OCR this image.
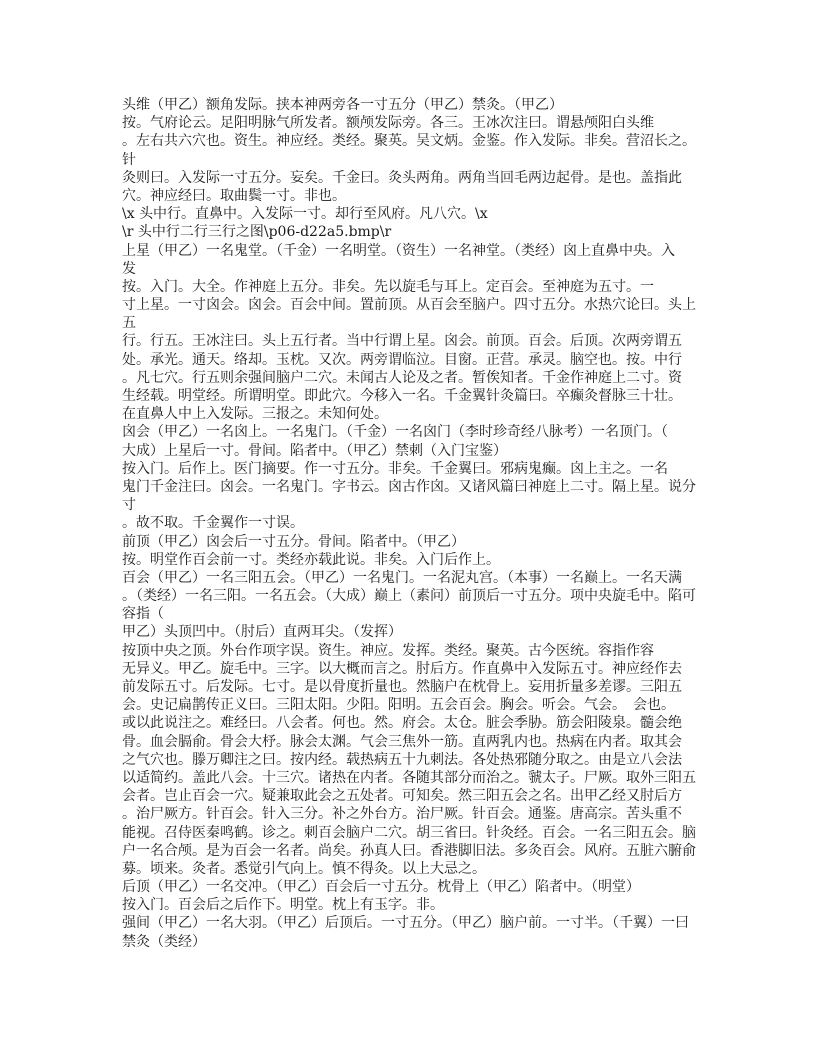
头维（甲乙）额角发际。挟本神两旁各一寸五分（甲乙）禁灸。（甲乙）
按。气府论云。足阳明脉气所发者。额颅发际旁。各三。王冰次注曰。谓悬颅阳白头维
。左右共六穴也。资生。神应经。类经。聚英。吴文炳。金鉴。作入发际。非矣。营沼长之。
针
灸则曰。入发际一寸五分。妄矣。千金曰。灸头两角。两角当回毛两边起骨。是也。盖指此
穴。神应经曰。取曲鬓一寸。非也。
\x 头中行。直鼻中。入发际一寸。却行至风府。凡八穴。\x
\r 头中行二行三行之图\p06-d22a5.bmp\r
上星（甲乙）一名鬼堂。（千金）一名明堂。（资生）一名神堂。（类经）囟上直鼻中央。入
发
按。入门。大全。作神庭上五分。非矣。先以旋毛与耳上。定百会。至神庭为五寸。一
寸上星。一寸囟会。囟会。百会中间。置前顶。从百会至脑户。四寸五分。水热穴论曰。头上
五
行。行五。王冰注曰。头上五行者。当中行谓上星。囟会。前顶。百会。后顶。次两旁谓五
处。承光。通天。络却。玉枕。又次。两旁谓临泣。目窗。正营。承灵。脑空也。按。中行
。凡七穴。行五则余强间脑户二穴。未闻古人论及之者。暂俟知者。千金作神庭上二寸。资
生经载。明堂经。所谓明堂。即此穴。今移入一名。千金翼针灸篇曰。卒癫灸督脉三十壮。
在直鼻人中上入发际。三报之。未知何处。
囟会（甲乙）一名囟上。一名鬼门。（千金）一名囟门（李时珍奇经八脉考）一名顶门。（
大成）上星后一寸。骨间。陷者中。（甲乙）禁刺（入门宝鉴）
按入门。后作上。医门摘要。作一寸五分。非矣。千金翼曰。邪病鬼癫。囟上主之。一名
鬼门千金注曰。囟会。一名鬼门。字书云。囟古作囟。又诸风篇曰神庭上二寸。隔上星。说分
寸
。故不取。千金翼作一寸误。
前顶（甲乙）囟会后一寸五分。骨间。陷者中。（甲乙）
按。明堂作百会前一寸。类经亦载此说。非矣。入门后作上。
百会（甲乙）一名三阳五会。（甲乙）一名鬼门。一名泥丸宫。（本事）一名巅上。一名天满
。（类经）一名三阳。一名五会。（大成）巅上（素问）前顶后一寸五分。项中央旋毛中。陷可
容指（
甲乙）头顶凹中。（肘后）直两耳尖。（发挥）
按顶中央之顶。外台作项字误。资生。神应。发挥。类经。聚英。古今医统。容指作容
无异义。甲乙。旋毛中。三字。以大概而言之。肘后方。作直鼻中入发际五寸。神应经作去
前发际五寸。后发际。七寸。是以骨度折量也。然脑户在枕骨上。妄用折量多差谬。三阳五
会。史记扁鹊传正义曰。三阳太阳。少阳。阳明。五会百会。胸会。听会。气会。　会也。
或以此说注之。难经曰。八会者。何也。然。府会。太仓。脏会季胁。筋会阳陵泉。髓会绝
骨。血会膈俞。骨会大杼。脉会太渊。气会三焦外一筋。直两乳内也。热病在内者。取其会
之气穴也。滕万卿注之曰。按内经。载热病五十九刺法。各处热邪随分取之。由是立八会法
以适简约。盖此八会。十三穴。诸热在内者。各随其部分而治之。虢太子。尸厥。取外三阳五
会者。岂止百会一穴。疑兼取此会之五处者。可知矣。然三阳五会之名。出甲乙经又肘后方
。治尸厥方。针百会。针入三分。补之外台方。治尸厥。针百会。通鉴。唐高宗。苦头重不
能视。召侍医秦鸣鹤。诊之。刺百会脑户二穴。胡三省曰。针灸经。百会。一名三阳五会。脑
户一名合颅。是为百会一名者。尚矣。孙真人曰。香港脚旧法。多灸百会。风府。五脏六腑俞
募。顷来。灸者。悉觉引气向上。慎不得灸。以上大忌之。
后顶（甲乙）一名交冲。（甲乙）百会后一寸五分。枕骨上（甲乙）陷者中。（明堂）
按入门。百会后之后作下。明堂。枕上有玉字。非。
强间（甲乙）一名大羽。（甲乙）后顶后。一寸五分。（甲乙）脑户前。一寸半。（千翼）一曰
禁灸（类经）
